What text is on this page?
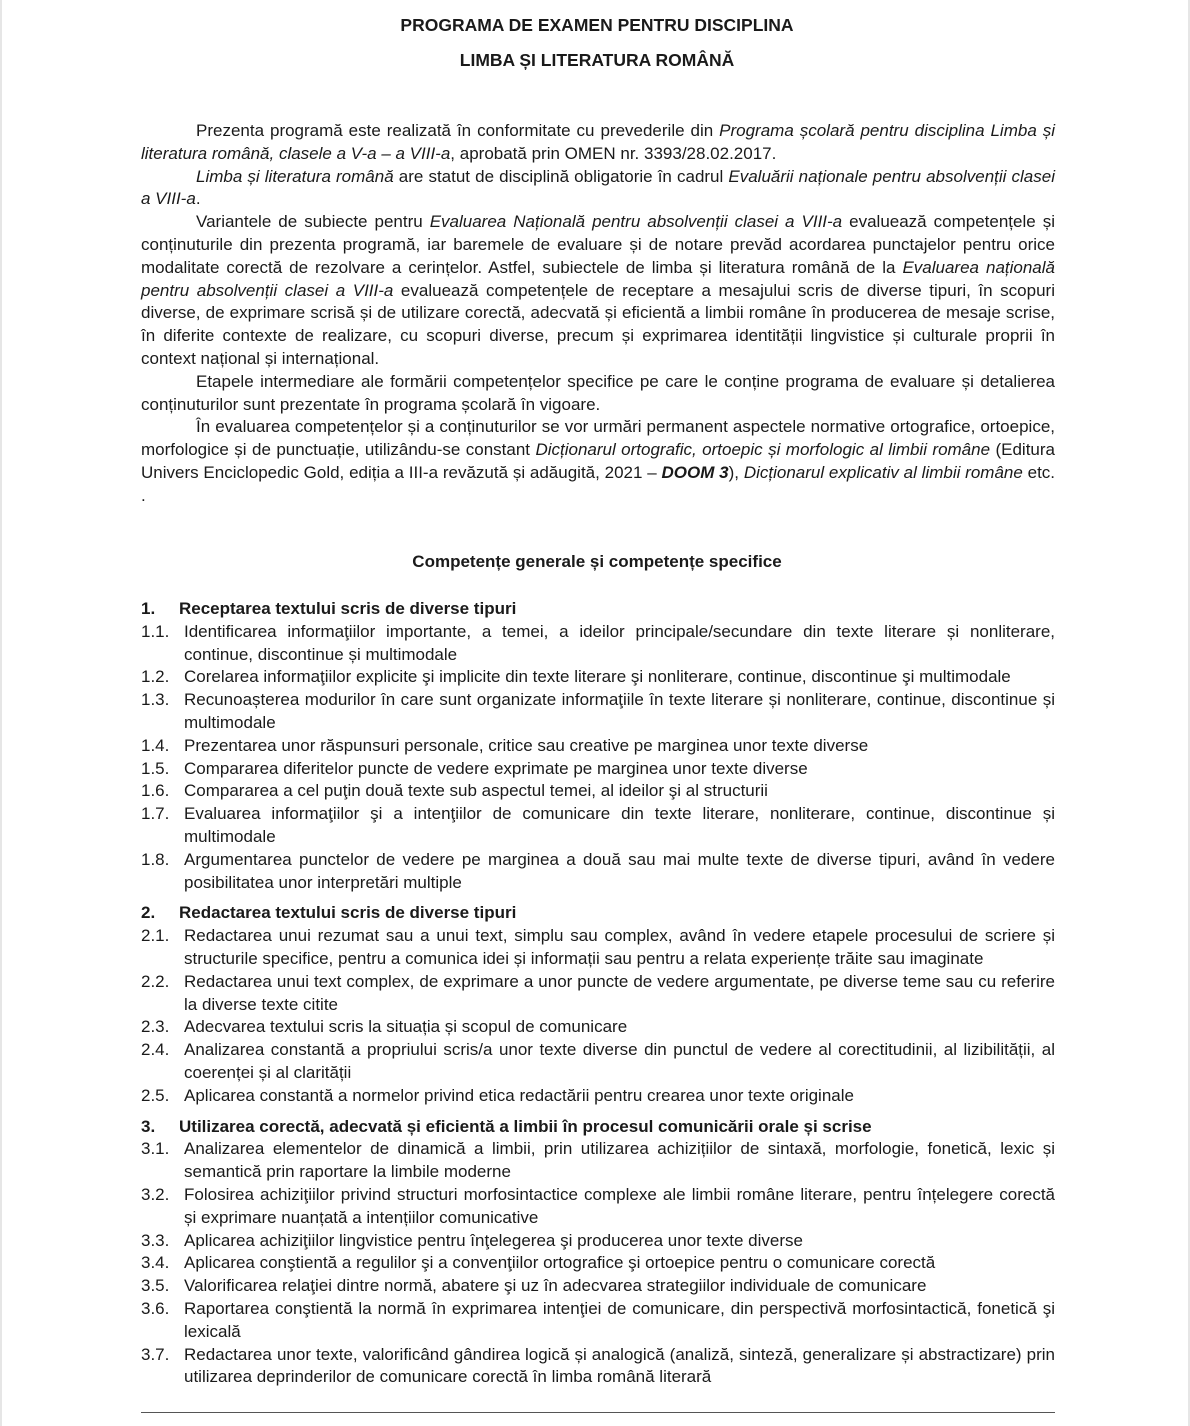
PROGRAMA DE EXAMEN PENTRU DISCIPLINA
LIMBA ȘI LITERATURA ROMÂNĂ

Prezenta programă este realizată în conformitate cu prevederile din Programa școlară pentru disciplina Limba și literatura română, clasele a V-a – a VIII-a, aprobată prin OMEN nr. 3393/28.02.2017.

Limba și literatura română are statut de disciplină obligatorie în cadrul Evaluării naționale pentru absolvenții clasei a VIII-a.

Variantele de subiecte pentru Evaluarea Națională pentru absolvenții clasei a VIII-a evaluează competențele și conținuturile din prezenta programă, iar baremele de evaluare și de notare prevăd acordarea punctajelor pentru orice modalitate corectă de rezolvare a cerințelor. Astfel, subiectele de limba și literatura română de la Evaluarea națională pentru absolvenții clasei a VIII-a evaluează competențele de receptare a mesajului scris de diverse tipuri, în scopuri diverse, de exprimare scrisă și de utilizare corectă, adecvată și eficientă a limbii române în producerea de mesaje scrise, în diferite contexte de realizare, cu scopuri diverse, precum și exprimarea identității lingvistice și culturale proprii în context național și internațional.

Etapele intermediare ale formării competențelor specifice pe care le conține programa de evaluare și detalierea conținuturilor sunt prezentate în programa școlară în vigoare.

În evaluarea competențelor și a conținuturilor se vor urmări permanent aspectele normative ortografice, ortoepice, morfologice și de punctuație, utilizându-se constant Dicționarul ortografic, ortoepic și morfologic al limbii române (Editura Univers Enciclopedic Gold, ediția a III-a revăzută și adăugită, 2021 – DOOM 3), Dicționarul explicativ al limbii române etc. .

Competențe generale și competențe specifice
1.	Receptarea textului scris de diverse tipuri
1.1. Identificarea informaţiilor importante, a temei, a ideilor principale/secundare din texte literare și nonliterare, continue, discontinue și multimodale
1.2. Corelarea informaţiilor explicite şi implicite din texte literare şi nonliterare, continue, discontinue şi multimodale
1.3. Recunoașterea modurilor în care sunt organizate informaţiile în texte literare și nonliterare, continue, discontinue și multimodale
1.4. Prezentarea unor răspunsuri personale, critice sau creative pe marginea unor texte diverse
1.5. Compararea diferitelor puncte de vedere exprimate pe marginea unor texte diverse
1.6. Compararea a cel puţin două texte sub aspectul temei, al ideilor şi al structurii
1.7. Evaluarea informaţiilor şi a intenţiilor de comunicare din texte literare, nonliterare, continue, discontinue și multimodale
1.8. Argumentarea punctelor de vedere pe marginea a două sau mai multe texte de diverse tipuri, având în vedere posibilitatea unor interpretări multiple
2.	Redactarea textului scris de diverse tipuri
2.1. Redactarea unui rezumat sau a unui text, simplu sau complex, având în vedere etapele procesului de scriere și structurile specifice, pentru a comunica idei și informații sau pentru a relata experiențe trăite sau imaginate
2.2. Redactarea unui text complex, de exprimare a unor puncte de vedere argumentate, pe diverse teme sau cu referire la diverse texte citite
2.3. Adecvarea textului scris la situația și scopul de comunicare
2.4. Analizarea constantă a propriului scris/a unor texte diverse din punctul de vedere al corectitudinii, al lizibilității, al coerenței și al clarității
2.5. Aplicarea constantă a normelor privind etica redactării pentru crearea unor texte originale
3.	Utilizarea corectă, adecvată și eficientă a limbii în procesul comunicării orale și scrise
3.1. Analizarea elementelor de dinamică a limbii, prin utilizarea achizițiilor de sintaxă, morfologie, fonetică, lexic și semantică prin raportare la limbile moderne
3.2. Folosirea achiziţiilor privind structuri morfosintactice complexe ale limbii române literare, pentru înțelegere corectă și exprimare nuanțată a intențiilor comunicative
3.3. Aplicarea achiziţiilor lingvistice pentru înţelegerea şi producerea unor texte diverse
3.4. Aplicarea conştientă a regulilor şi a convenţiilor ortografice şi ortoepice pentru o comunicare corectă
3.5. Valorificarea relaţiei dintre normă, abatere şi uz în adecvarea strategiilor individuale de comunicare
3.6. Raportarea conştientă la normă în exprimarea intenţiei de comunicare, din perspectivă morfosintactică, fonetică şi lexicală
3.7. Redactarea unor texte, valorificând gândirea logică și analogică (analiză, sinteză, generalizare și abstractizare) prin utilizarea deprinderilor de comunicare corectă în limba română literară
